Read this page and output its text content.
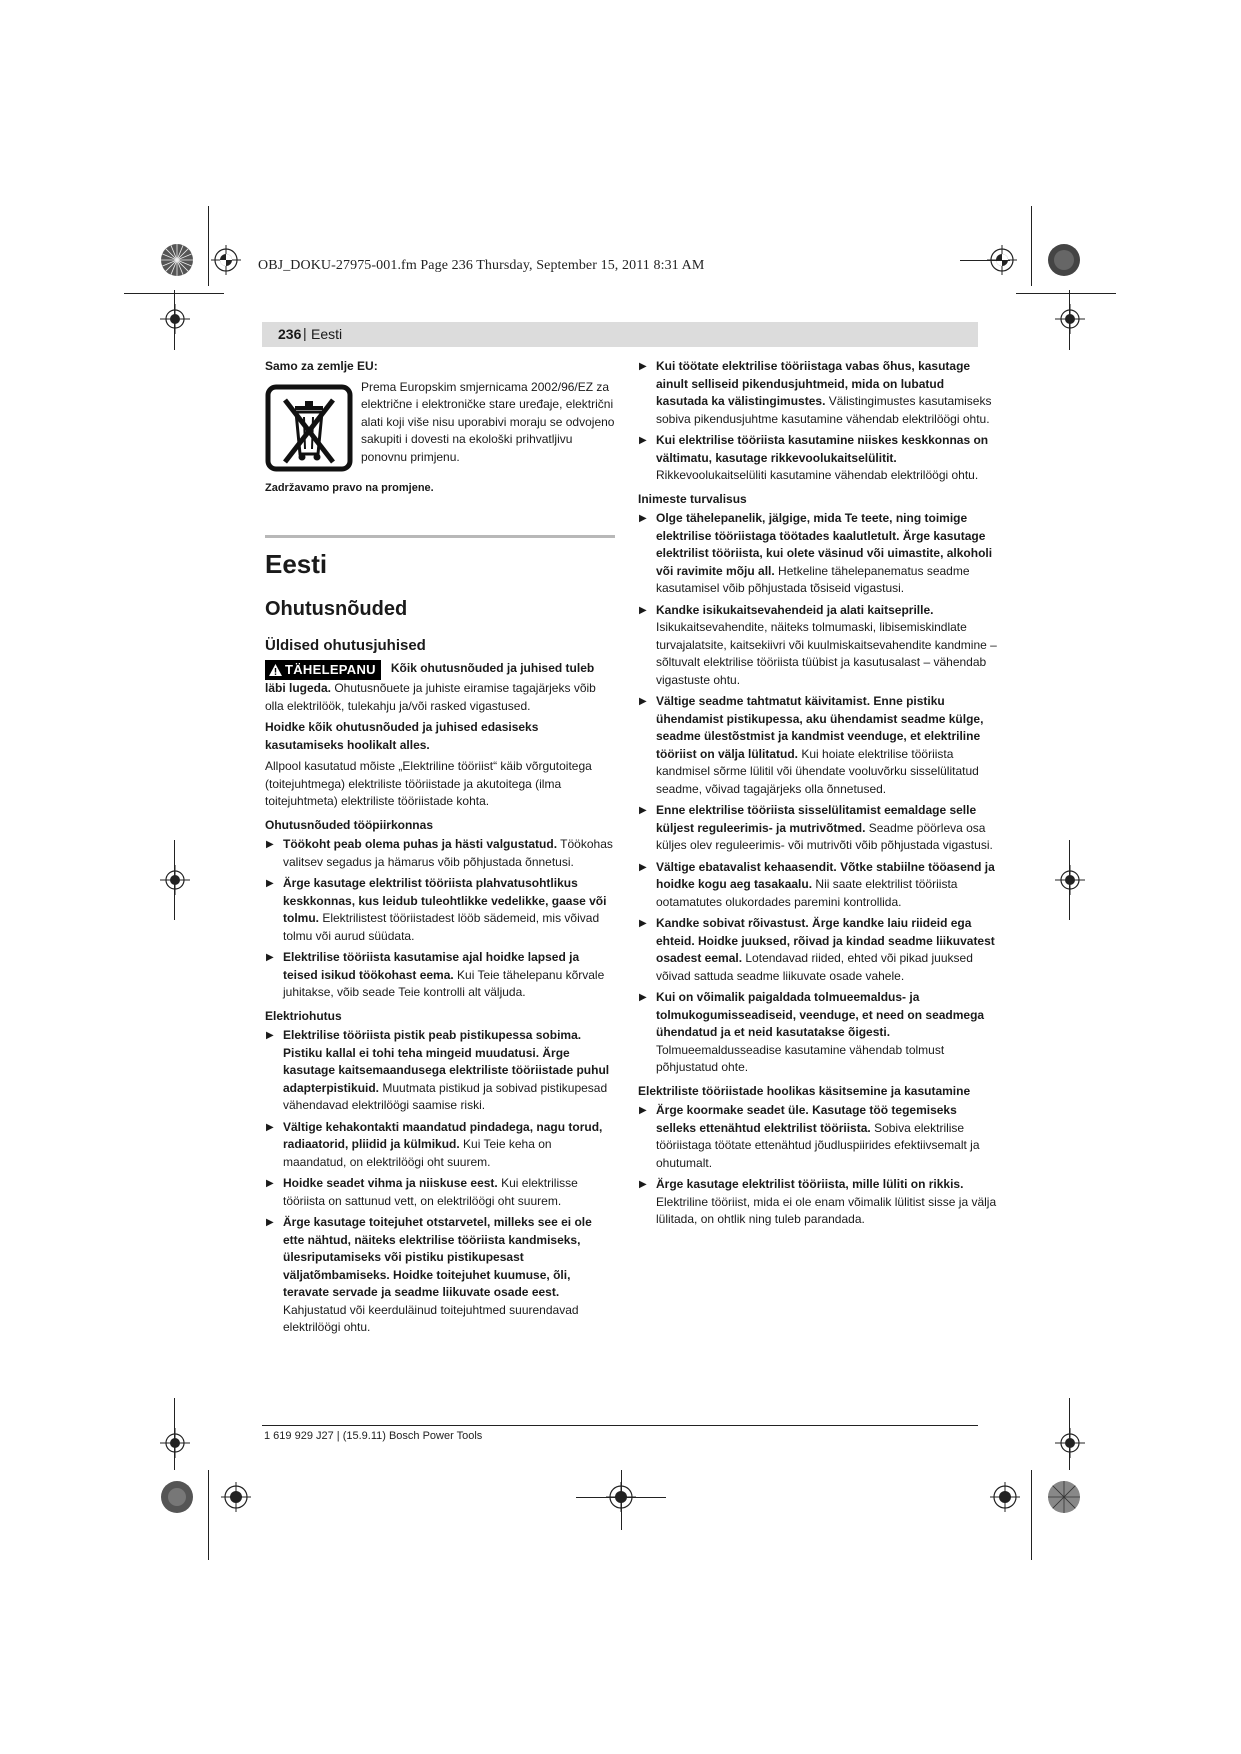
OBJ_DOKU-27975-001.fm Page 236 Thursday, September 15, 2011 8:31 AM
236 | Eesti
Samo za zemlje EU:
Prema Europskim smjernicama 2002/96/EZ za električne i elektroničke stare uređaje, električni alati koji više nisu uporabivi moraju se odvojeno sakupiti i dovesti na ekološki prihvatljivu ponovnu primjenu.
Zadržavamo pravo na promjene.
Eesti
Ohutusnõuded
Üldised ohutusjuhised

TÄHELEPANU Kõik ohutusnõuded ja juhised tuleb läbi lugeda. Ohutusnõuete ja juhiste eiramise tagajärjeks võib olla elektrilöök, tulekahju ja/või rasked vigastused.

Hoidke kõik ohutusnõuded ja juhised edasiseks kasutamiseks hoolikalt alles.

Allpool kasutatud mõiste „Elektriline tööriist“ käib võrgutoitega (toitejuhtmega) elektriliste tööriistade ja akutoitega (ilma toitejuhtmeta) elektriliste tööriistade kohta.

Ohutusnõuded tööpiirkonnas
▶ Töökoht peab olema puhas ja hästi valgustatud. Töökohas valitsev segadus ja hämarus võib põhjustada õnnetusi.
▶ Ärge kasutage elektrilist tööriista plahvatusohtlikus keskkonnas, kus leidub tuleohtlikke vedelikke, gaase või tolmu. Elektrilistest tööriistadest lööb sädemeid, mis võivad tolmu või aurud süüdata.
▶ Elektrilise tööriista kasutamise ajal hoidke lapsed ja teised isikud töökohast eema. Kui Teie tähelepanu kõrvale juhitakse, võib seade Teie kontrolli alt väljuda.
Elektriohutus
▶ Elektrilise tööriista pistik peab pistikupessa sobima. Pistiku kallal ei tohi teha mingeid muudatusi. Ärge kasutage kaitsemaandusega elektriliste tööriistade puhul adapterpistikuid. Muutmata pistikud ja sobivad pistikupesad vähendavad elektrilöögi saamise riski.
▶ Vältige kehakontakti maandatud pindadega, nagu torud, radiaatorid, pliidid ja külmikud. Kui Teie keha on maandatud, on elektrilöögi oht suurem.
▶ Hoidke seadet vihma ja niiskuse eest. Kui elektrilisse tööriista on sattunud vett, on elektrilöögi oht suurem.
▶ Ärge kasutage toitejuhet otstarvetel, milleks see ei ole ette nähtud, näiteks elektrilise tööriista kandmiseks, ülesriputamiseks või pistiku pistikupesast väljatõmbamiseks. Hoidke toitejuhet kuumuse, õli, teravate servade ja seadme liikuvate osade eest. Kahjustatud või keerduläinud toitejuhtmed suurendavad elektrilöögi ohtu.
▶ Kui töötate elektrilise tööriistaga vabas õhus, kasutage ainult selliseid pikendusjuhtmeid, mida on lubatud kasutada ka välistingimustes. Välistingimustes kasutamiseks sobiva pikendusjuhtme kasutamine vähendab elektrilöögi ohtu.
▶ Kui elektrilise tööriista kasutamine niiskes keskkonnas on vältimatu, kasutage rikkevoolukaitselülitit. Rikkevoolukaitselüliti kasutamine vähendab elektrilöögi ohtu.
Inimeste turvalisus
▶ Olge tähelepanelik, jälgige, mida Te teete, ning toimige elektrilise tööriistaga töötades kaalutletult. Ärge kasutage elektrilist tööriista, kui olete väsinud või uimastite, alkoholi või ravimite mõju all. Hetkeline tähelepanematus seadme kasutamisel võib põhjustada tõsiseid vigastusi.
▶ Kandke isikukaitsevahendeid ja alati kaitseprille. Isikukaitsevahendite, näiteks tolmumaski, libisemiskindlate turvajalatsite, kaitsekiivri või kuulmiskaitsevahendite kandmine – sõltuvalt elektrilise tööriista tüübist ja kasutusalast – vähendab vigastuste ohtu.
▶ Vältige seadme tahtmatut käivitamist. Enne pistiku ühendamist pistikupessa, aku ühendamist seadme külge, seadme ülestõstmist ja kandmist veenduge, et elektriline tööriist on välja lülitatud. Kui hoiate elektrilise tööriista kandmisel sõrme lülitil või ühendate vooluvõrku sisselülitatud seadme, võivad tagajärjeks olla õnnetused.
▶ Enne elektrilise tööriista sisselülitamist eemaldage selle küljest reguleerimis- ja mutrivõtmed. Seadme pöörleva osa küljes olev reguleerimis- või mutrivõti võib põhjustada vigastusi.
▶ Vältige ebatavalist kehaasendit. Võtke stabiilne tööasend ja hoidke kogu aeg tasakaalu. Nii saate elektrilist tööriista ootamatutes olukordades paremini kontrollida.
▶ Kandke sobivat rõivastust. Ärge kandke laiu riideid ega ehteid. Hoidke juuksed, rõivad ja kindad seadme liikuvatest osadest eemal. Lotendavad riided, ehted või pikad juuksed võivad sattuda seadme liikuvate osade vahele.
▶ Kui on võimalik paigaldada tolmueemaldus- ja tolmukogumisseadiseid, veenduge, et need on seadmega ühendatud ja et neid kasutatakse õigesti. Tolmueemaldusseadise kasutamine vähendab tolmust põhjustatud ohte.
Elektriliste tööriistade hoolikas käsitsemine ja kasutamine
▶ Ärge koormake seadet üle. Kasutage töö tegemiseks selleks ettenähtud elektrilist tööriista. Sobiva elektrilise tööriistaga töötate ettenähtud jõudluspiirides efektiivsemalt ja ohutumalt.
▶ Ärge kasutage elektrilist tööriista, mille lüliti on rikkis. Elektriline tööriist, mida ei ole enam võimalik lülitist sisse ja välja lülitada, on ohtlik ning tuleb parandada.
1 619 929 J27 | (15.9.11) Bosch Power Tools
